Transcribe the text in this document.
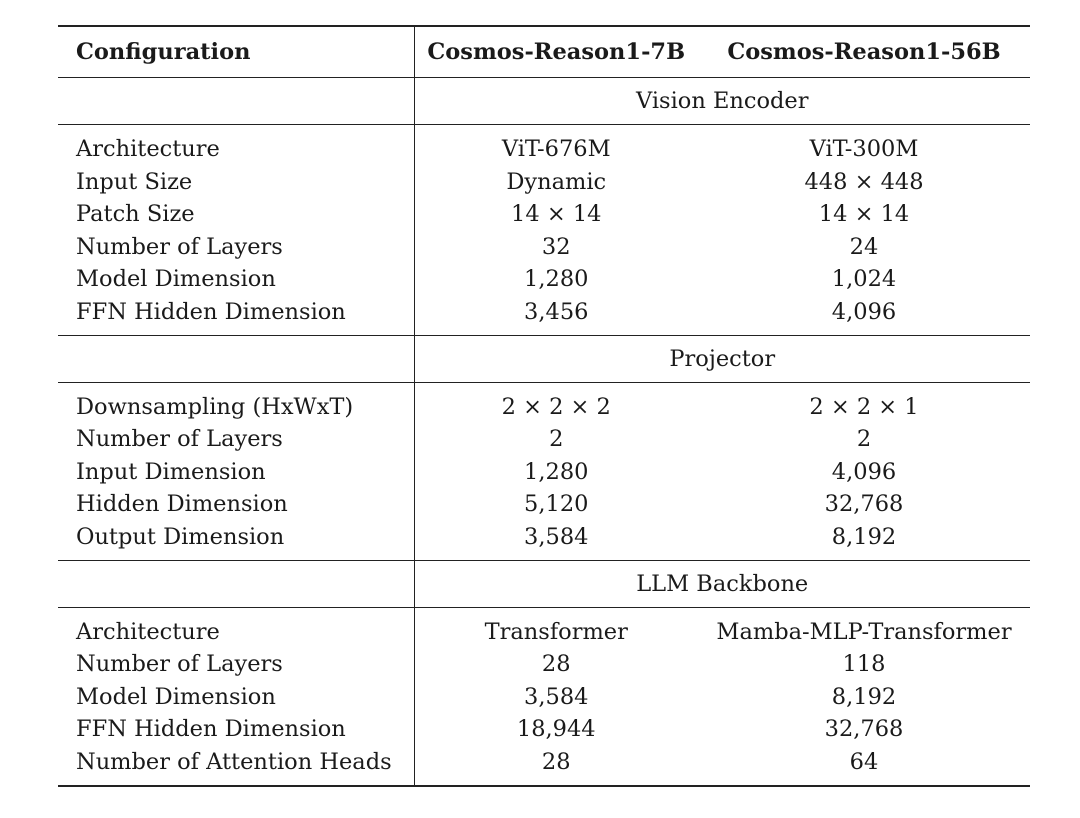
Configuration	Cosmos-Reason1-7B	Cosmos-Reason1-56B
	Vision Encoder	
Architecture	ViT-676M	ViT-300M
Input Size	Dynamic	448 × 448
Patch Size	14 × 14	14 × 14
Number of Layers	32	24
Model Dimension	1,280	1,024
FFN Hidden Dimension	3,456	4,096
	Projector	
Downsampling (HxWxT)	2 × 2 × 2	2 × 2 × 1
Number of Layers	2	2
Input Dimension	1,280	4,096
Hidden Dimension	5,120	32,768
Output Dimension	3,584	8,192
	LLM Backbone	
Architecture	Transformer	Mamba-MLP-Transformer
Number of Layers	28	118
Model Dimension	3,584	8,192
FFN Hidden Dimension	18,944	32,768
Number of Attention Heads	28	64
